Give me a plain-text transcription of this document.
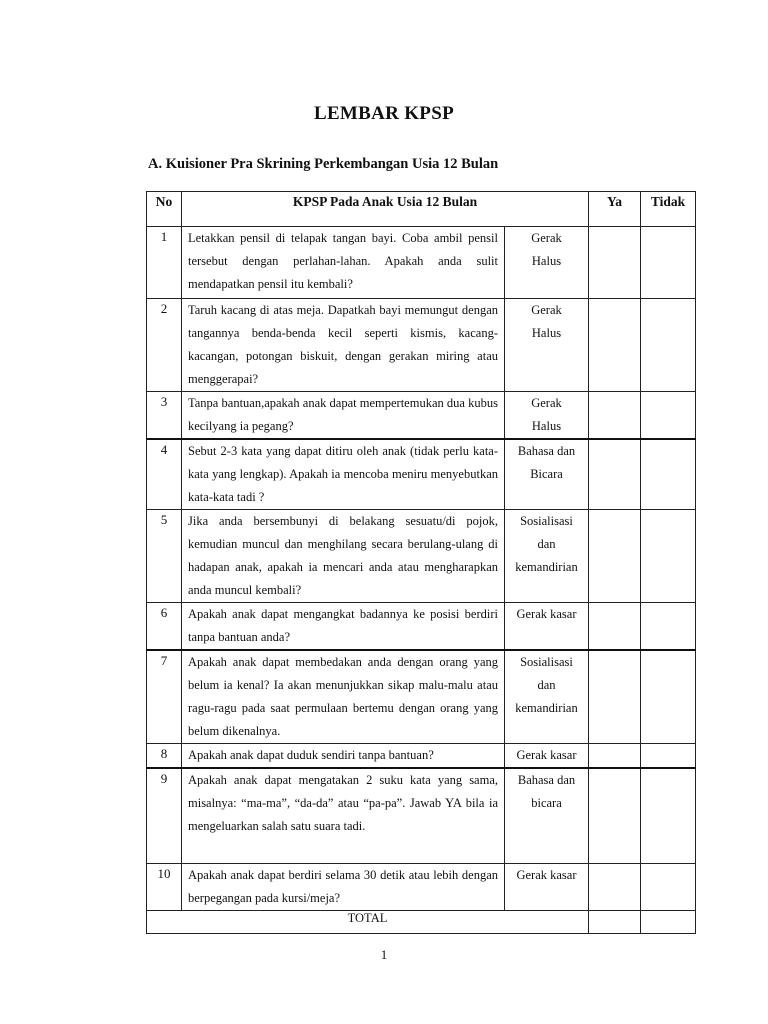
LEMBAR KPSP
A. Kuisioner Pra Skrining Perkembangan Usia 12 Bulan
No	KPSP Pada Anak Usia 12 Bulan		Ya	Tidak
1	Letakkan pensil di telapak tangan bayi. Coba ambil pensil tersebut dengan perlahan-lahan. Apakah anda sulit mendapatkan pensil itu kembali?	Gerak
Halus		

2	Taruh kacang di atas meja. Dapatkah bayi memungut dengan tangannya benda-benda kecil seperti kismis, kacang-kacangan, potongan biskuit, dengan gerakan miring atau menggerapai?	Gerak
Halus		

3	Tanpa bantuan,apakah anak dapat mempertemukan dua kubus kecilyang ia pegang?	Gerak
Halus		

4	Sebut 2-3 kata yang dapat ditiru oleh anak (tidak perlu kata-kata yang lengkap). Apakah ia mencoba meniru menyebutkan kata-kata tadi ?	Bahasa dan
Bicara		

5	Jika anda bersembunyi di belakang sesuatu/di pojok, kemudian muncul dan menghilang secara berulang-ulang di hadapan anak, apakah ia mencari anda atau mengharapkan anda muncul kembali?	Sosialisasi
dan
kemandirian		

6	Apakah anak dapat mengangkat badannya ke posisi berdiri tanpa bantuan anda?	Gerak kasar		

7	Apakah anak dapat membedakan anda dengan orang yang belum ia kenal? Ia akan menunjukkan sikap malu-malu atau ragu-ragu pada saat permulaan bertemu dengan orang yang belum dikenalnya.	Sosialisasi
dan
kemandirian		

8	Apakah anak dapat duduk sendiri tanpa bantuan?	Gerak kasar		

9	Apakah anak dapat mengatakan 2 suku kata yang sama, misalnya: “ma-ma”, “da-da” atau “pa-pa”. Jawab YA bila ia mengeluarkan salah satu suara tadi.	Bahasa dan
bicara		

10	Apakah anak dapat berdiri selama 30 detik atau lebih dengan berpegangan pada kursi/meja?	Gerak kasar		

TOTAL				
1
